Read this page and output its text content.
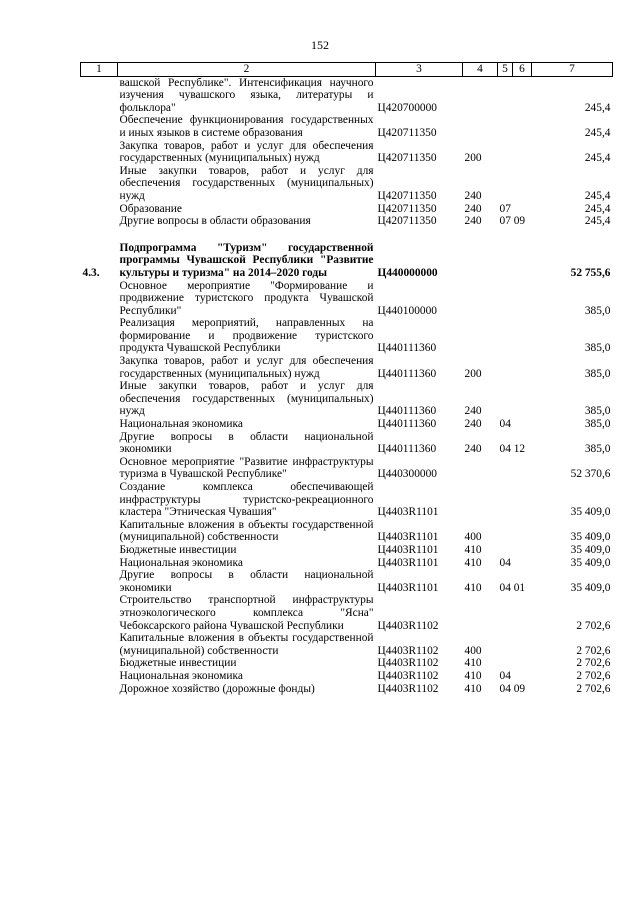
152
1	2	3	4	5	6	7
	вашской Республике". Интенсификация научного изучения чувашского языка, литературы и фольклора"	Ц420700000				245,4
	Обеспечение функционирования государственных и иных языков в системе образования	Ц420711350				245,4
	Закупка товаров, работ и услуг для обеспечения государственных (муниципальных) нужд	Ц420711350	200			245,4
	Иные закупки товаров, работ и услуг для обеспечения государственных (муниципальных) нужд	Ц420711350	240			245,4
	Образование	Ц420711350	240	07		245,4
	Другие вопросы в области образования	Ц420711350	240	07 09		245,4

4.3.	Подпрограмма "Туризм" государственной программы Чувашской Республики "Развитие культуры и туризма" на 2014–2020 годы	Ц440000000				52 755,6
	Основное мероприятие "Формирование и продвижение туристского продукта Чувашской Республики"	Ц440100000				385,0
	Реализация мероприятий, направленных на формирование и продвижение туристского продукта Чувашской Республики	Ц440111360				385,0
	Закупка товаров, работ и услуг для обеспечения государственных (муниципальных) нужд	Ц440111360	200			385,0
	Иные закупки товаров, работ и услуг для обеспечения государственных (муниципальных) нужд	Ц440111360	240			385,0
	Национальная экономика	Ц440111360	240	04		385,0
	Другие вопросы в области национальной экономики	Ц440111360	240	04 12		385,0
	Основное мероприятие "Развитие инфраструктуры туризма в Чувашской Республике"	Ц440300000				52 370,6
	Создание комплекса обеспечивающей инфраструктуры туристско-рекреационного кластера "Этническая Чувашия"	Ц4403R1101				35 409,0
	Капитальные вложения в объекты государственной (муниципальной) собственности	Ц4403R1101	400			35 409,0
	Бюджетные инвестиции	Ц4403R1101	410			35 409,0
	Национальная экономика	Ц4403R1101	410	04		35 409,0
	Другие вопросы в области национальной экономики	Ц4403R1101	410	04 01		35 409,0
	Строительство транспортной инфраструктуры этноэкологического комплекса "Ясна" Чебоксарского района Чувашской Республики	Ц4403R1102				2 702,6
	Капитальные вложения в объекты государственной (муниципальной) собственности	Ц4403R1102	400			2 702,6
	Бюджетные инвестиции	Ц4403R1102	410			2 702,6
	Национальная экономика	Ц4403R1102	410	04		2 702,6
	Дорожное хозяйство (дорожные фонды)	Ц4403R1102	410	04 09		2 702,6
